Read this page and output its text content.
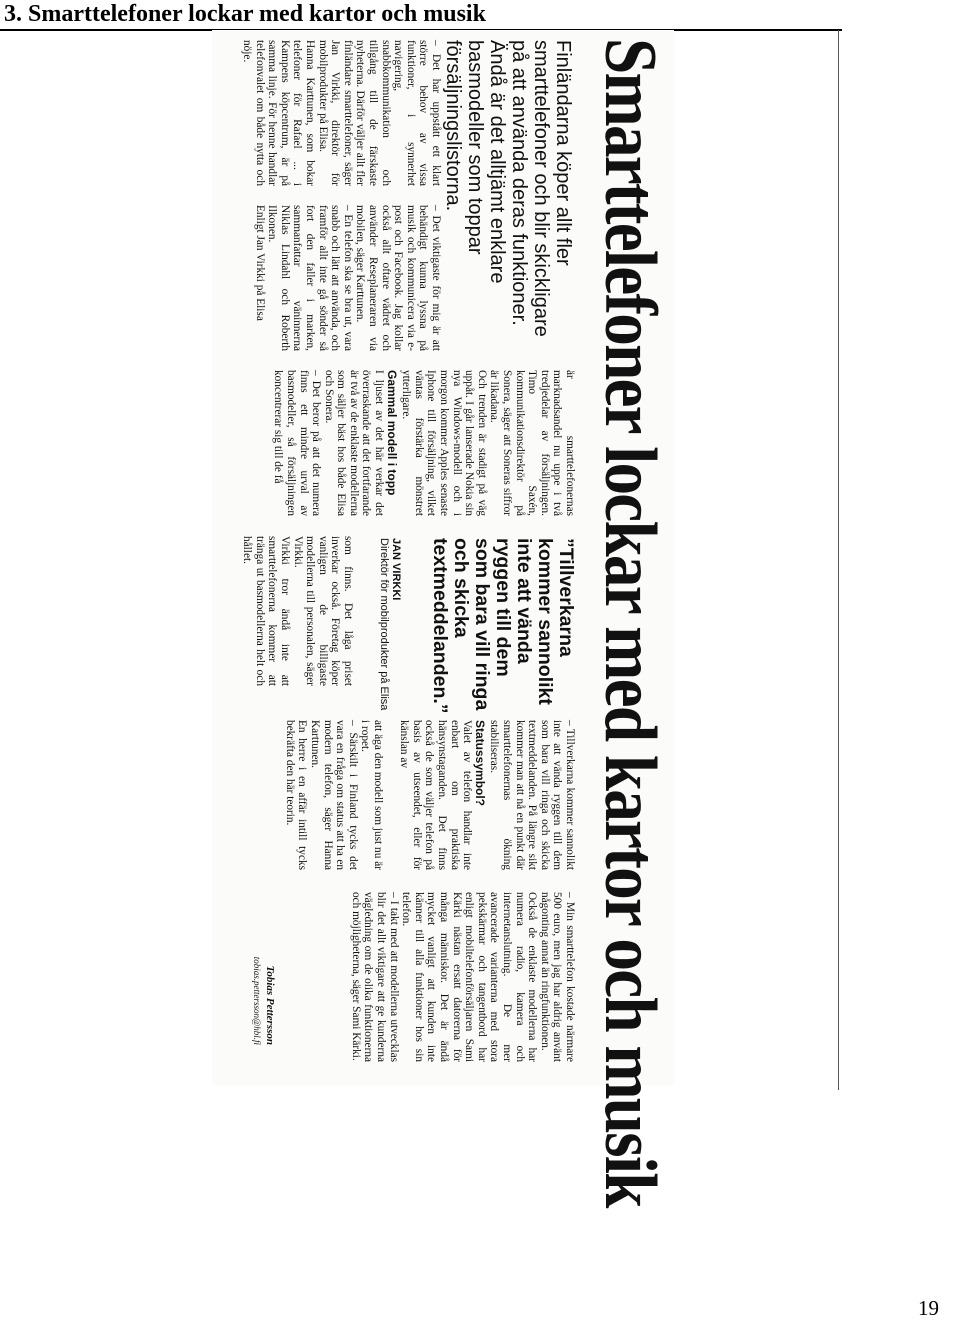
3. Smarttelefoner lockar med kartor och musik
Smarttelefoner lockar med kartor och musik
Finländarna köper allt fler smarttelefoner och blir skickligare på att använda deras funktioner. Ändå är det alltjämt enklare basmodeller som toppar försäljningslistorna.

– Det har uppstått ett klart större behov av vissa funktioner, i synnerhet navigering, snabbkommunikation och tillgång till de färskaste nyheterna. Därför väljer allt fler finländare smarttelefoner, säger Jan Virkki, direktör för mobilprodukter på Elisa.

Hanna Karttunen, som bokar telefoner för Rafael ... i Kampens köpcentrum, är på samma linje. För henne handlar telefonvalet om både nytta och nöje.

– Det viktigaste för mig är att behändigt kunna lyssna på musik och kommunicera via e-post och Facebook. Jag kollar också allt oftare vädret och använder Reseplaneraren via mobilen, säger Karttunen.

– En telefon ska se bra ut, vara snabb och lätt att använda, och framför allt inte gå sönder så fort den faller i marken, sammanfattar väninnerna Niklas Lindahl och Roberth Ilkonen.

Enligt Jan Virkki på Elisa

är smarttelefonernas marknadsandel nu uppe i två tredjedelar av försäljningen. Timo Saxén, kommunikationsdirektör på Sonera, säger att Soneras siffror är likadana.

Och trenden är stadigt på väg uppåt. I går lanserade Nokia sin nya Windows-modell och i morgon kommer Apples senaste Iphone till försäljning, vilket väntas förstärka mönstret ytterligare.

Gammal modell i topp

I ljuset av det här verkar det överraskande att det fortfarande är två av de enklaste modellerna som säljer bäst hos både Elisa och Sonera.

– Det beror på att det numera finns ett mindre urval av basmodeller, så försäljningen koncentrerar sig till de få

som finns. Det låga priset inverkar också. Företag köper vanligen de billigaste modellerna till personalen, säger Virkki.

Virkki tror ändå inte att smarttelefonerna kommer att tränga ut basmodellerna helt och hållet.	”Tillverkarna kommer sannolikt inte att vända ryggen till dem som bara vill ringa och skicka textmeddelanden.”
JAN VIRKKI
Direktör för mobilprodukter på Elisa

– Tillverkarna kommer sannolikt inte att vända ryggen till dem som bara vill ringa och skicka textmeddelanden. På längre sikt kommer man att nå en punkt där smarttelefonernas ökning stabiliseras.

Statussymbol?

Valet av telefon handlar inte enbart om praktiska hänsynstaganden. Det finns också de som väljer telefon på basis av utseendet, eller för känslan av

att äga den modell som just nu är i ropet.

– Särskilt i Finland tycks det vara en fråga om status att ha en modern telefon, säger Hanna Karttunen.

En herre i en affär intill tycks bekräfta den här teorin.

– Min smarttelefon kostade närmare 500 euro, men jag har aldrig använt någonting annat än ringfunktionen.

Också de enklaste modellerna har numera radio, kamera och internetanslutning. De mer avancerade varianterna med stora pekskärmar och tangentbord har enligt mobiltelefonförsäljaren Sami Kärki nästan ersatt datorerna för många människor. Det är ändå mycket vanligt att kunden inte känner till alla funktioner hos sin telefon.

– I takt med att modellerna utvecklas blir det allt viktigare att ge kunderna vägledning om de olika funktionerna och möjligheterna, säger Sami Kärki.

Tobias Pettersson
tobias.pettersson@hbl.fi
19
